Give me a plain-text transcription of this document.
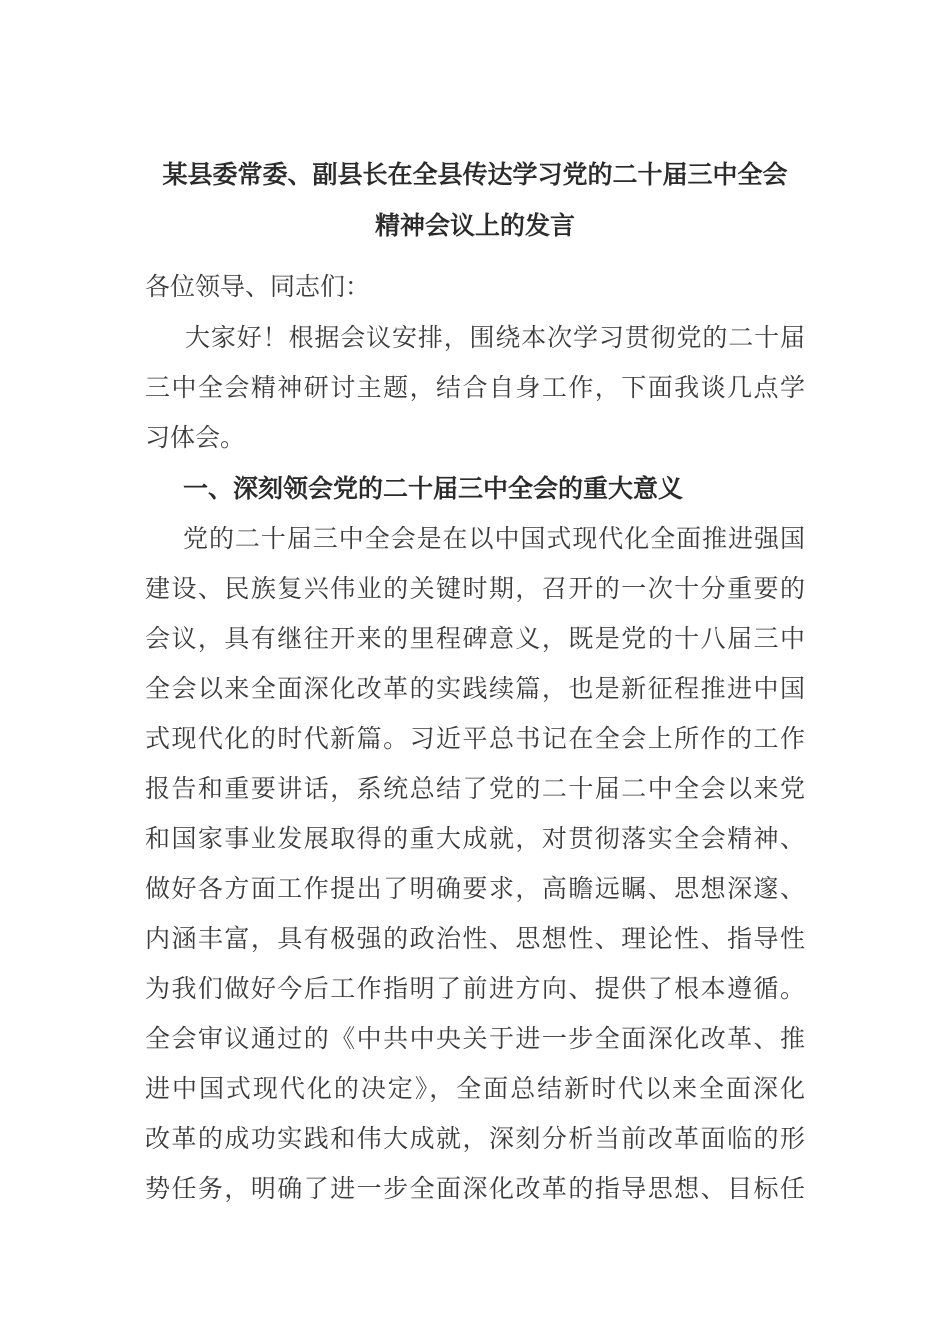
某县委常委、副县长在全县传达学习党的二十届三中全会
精神会议上的发言
各位领导、同志们：
大家好！根据会议安排，围绕本次学习贯彻党的二十届
三中全会精神研讨主题，结合自身工作，下面我谈几点学
习体会。
一、深刻领会党的二十届三中全会的重大意义
党的二十届三中全会是在以中国式现代化全面推进强国
建设、民族复兴伟业的关键时期，召开的一次十分重要的
会议，具有继往开来的里程碑意义，既是党的十八届三中
全会以来全面深化改革的实践续篇，也是新征程推进中国
式现代化的时代新篇。习近平总书记在全会上所作的工作
报告和重要讲话，系统总结了党的二十届二中全会以来党
和国家事业发展取得的重大成就，对贯彻落实全会精神、
做好各方面工作提出了明确要求，高瞻远瞩、思想深邃、
内涵丰富，具有极强的政治性、思想性、理论性、指导性
为我们做好今后工作指明了前进方向、提供了根本遵循。
全会审议通过的《中共中央关于进一步全面深化改革、推
进中国式现代化的决定》，全面总结新时代以来全面深化
改革的成功实践和伟大成就，深刻分析当前改革面临的形
势任务，明确了进一步全面深化改革的指导思想、目标任
